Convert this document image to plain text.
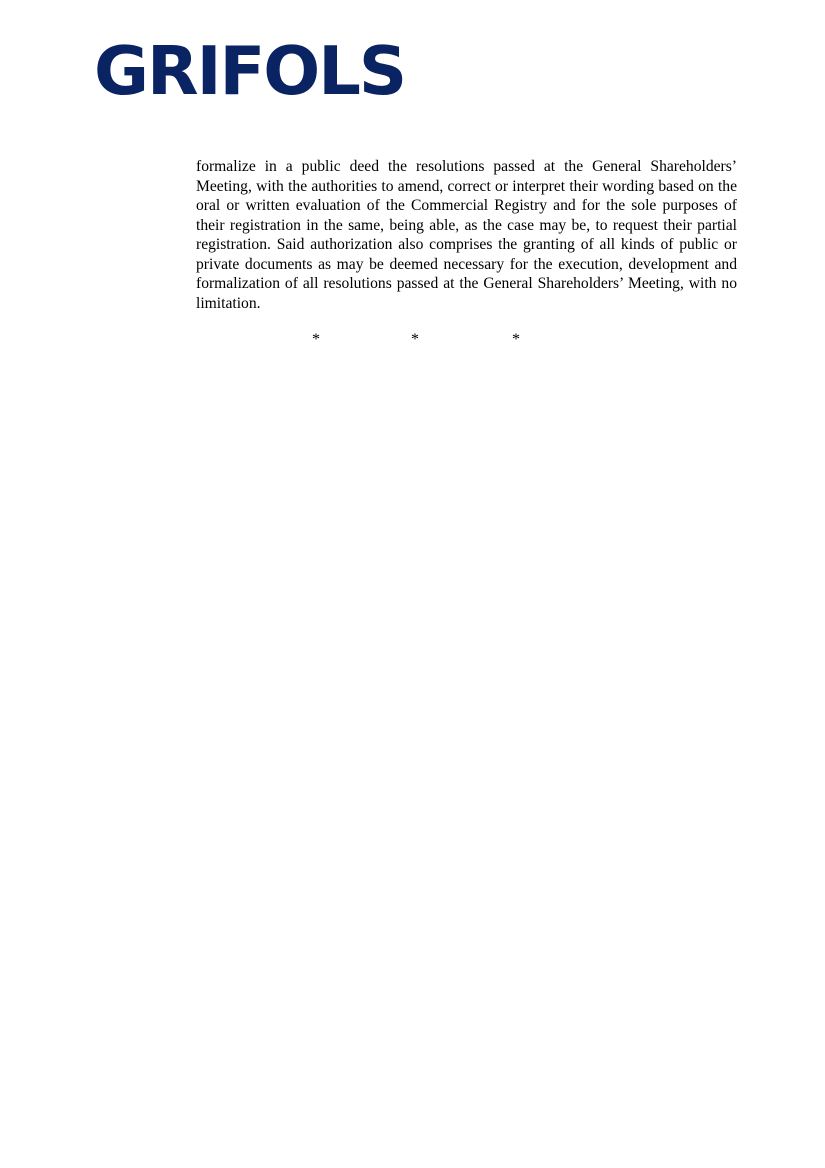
GRIFOLS

formalize in a public deed the resolutions passed at the General Shareholders’ Meeting, with the authorities to amend, correct or interpret their wording based on the oral or written evaluation of the Commercial Registry and for the sole purposes of their registration in the same, being able, as the case may be, to request their partial registration. Said authorization also comprises the granting of all kinds of public or private documents as may be deemed necessary for the execution, development and formalization of all resolutions passed at the General Shareholders’ Meeting, with no limitation.

*	*	*
